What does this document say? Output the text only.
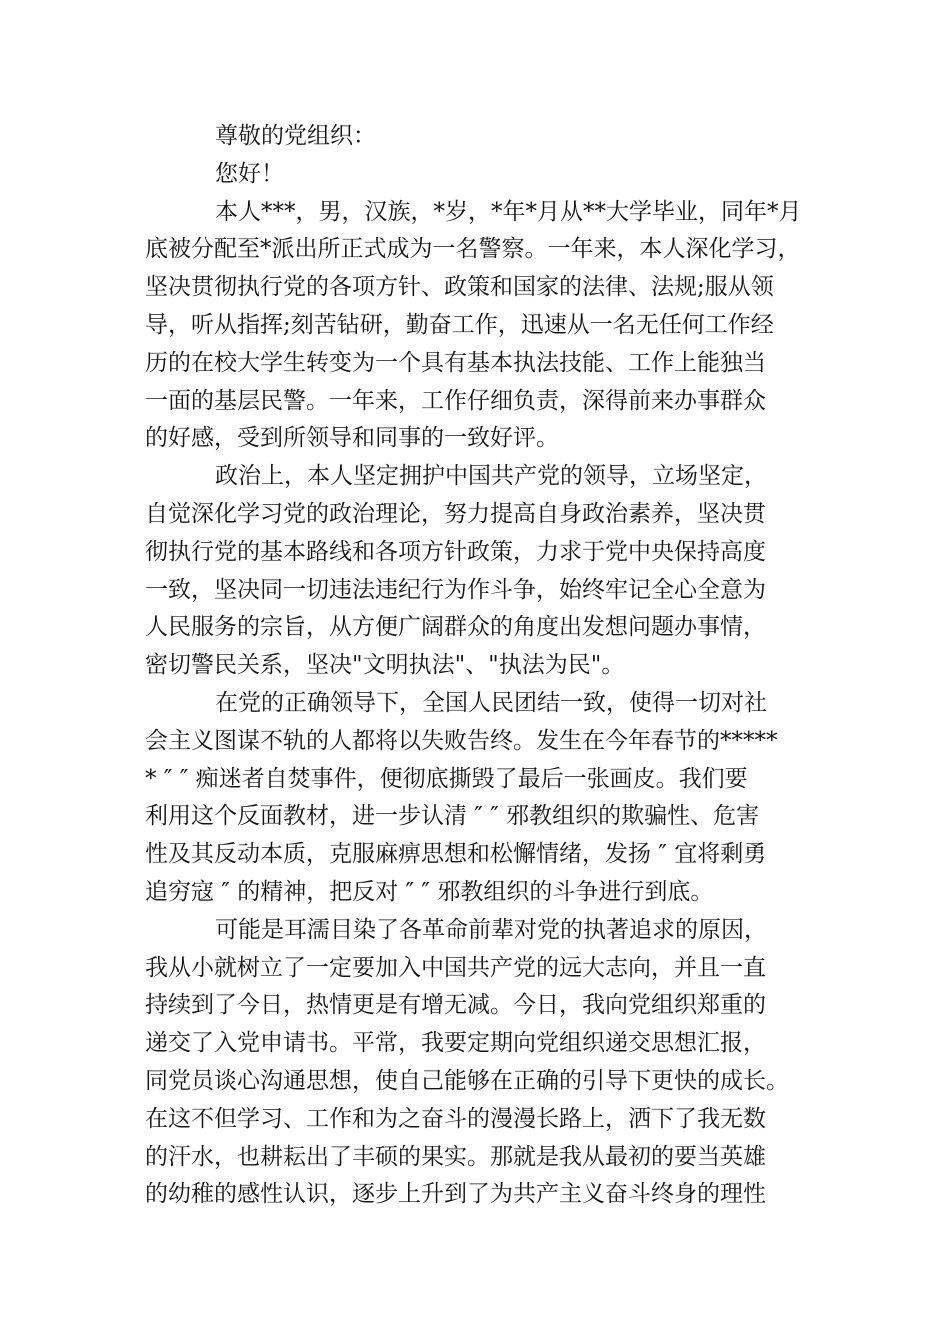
尊敬的党组织：

您好！

本人***，男，汉族，*岁，*年*月从**大学毕业，同年*月

底被分配至*派出所正式成为一名警察。一年来，本人深化学习，

坚决贯彻执行党的各项方针、政策和国家的法律、法规;服从领

导，听从指挥;刻苦钻研，勤奋工作，迅速从一名无任何工作经

历的在校大学生转变为一个具有基本执法技能、工作上能独当

一面的基层民警。一年来，工作仔细负责，深得前来办事群众

的好感，受到所领导和同事的一致好评。

政治上，本人坚定拥护中国共产党的领导，立场坚定，

自觉深化学习党的政治理论，努力提高自身政治素养，坚决贯

彻执行党的基本路线和各项方针政策，力求于党中央保持高度

一致，坚决同一切违法违纪行为作斗争，始终牢记全心全意为

人民服务的宗旨，从方便广阔群众的角度出发想问题办事情，

密切警民关系，坚决"文明执法"、"执法为民"。

在党的正确领导下，全国人民团结一致，使得一切对社

会主义图谋不轨的人都将以失败告终。发生在今年春节的*****

* ″ ″ 痴迷者自焚事件，便彻底撕毁了最后一张画皮。我们要

利用这个反面教材，进一步认清 ″ ″ 邪教组织的欺骗性、危害

性及其反动本质，克服麻痹思想和松懈情绪，发扬 ″ 宜将剩勇

追穷寇 ″ 的精神，把反对 ″ ″ 邪教组织的斗争进行到底。

可能是耳濡目染了各革命前辈对党的执著追求的原因，

我从小就树立了一定要加入中国共产党的远大志向，并且一直

持续到了今日，热情更是有增无减。今日，我向党组织郑重的

递交了入党申请书。平常，我要定期向党组织递交思想汇报，

同党员谈心沟通思想，使自己能够在正确的引导下更快的成长。

在这不但学习、工作和为之奋斗的漫漫长路上，洒下了我无数

的汗水，也耕耘出了丰硕的果实。那就是我从最初的要当英雄

的幼稚的感性认识，逐步上升到了为共产主义奋斗终身的理性
